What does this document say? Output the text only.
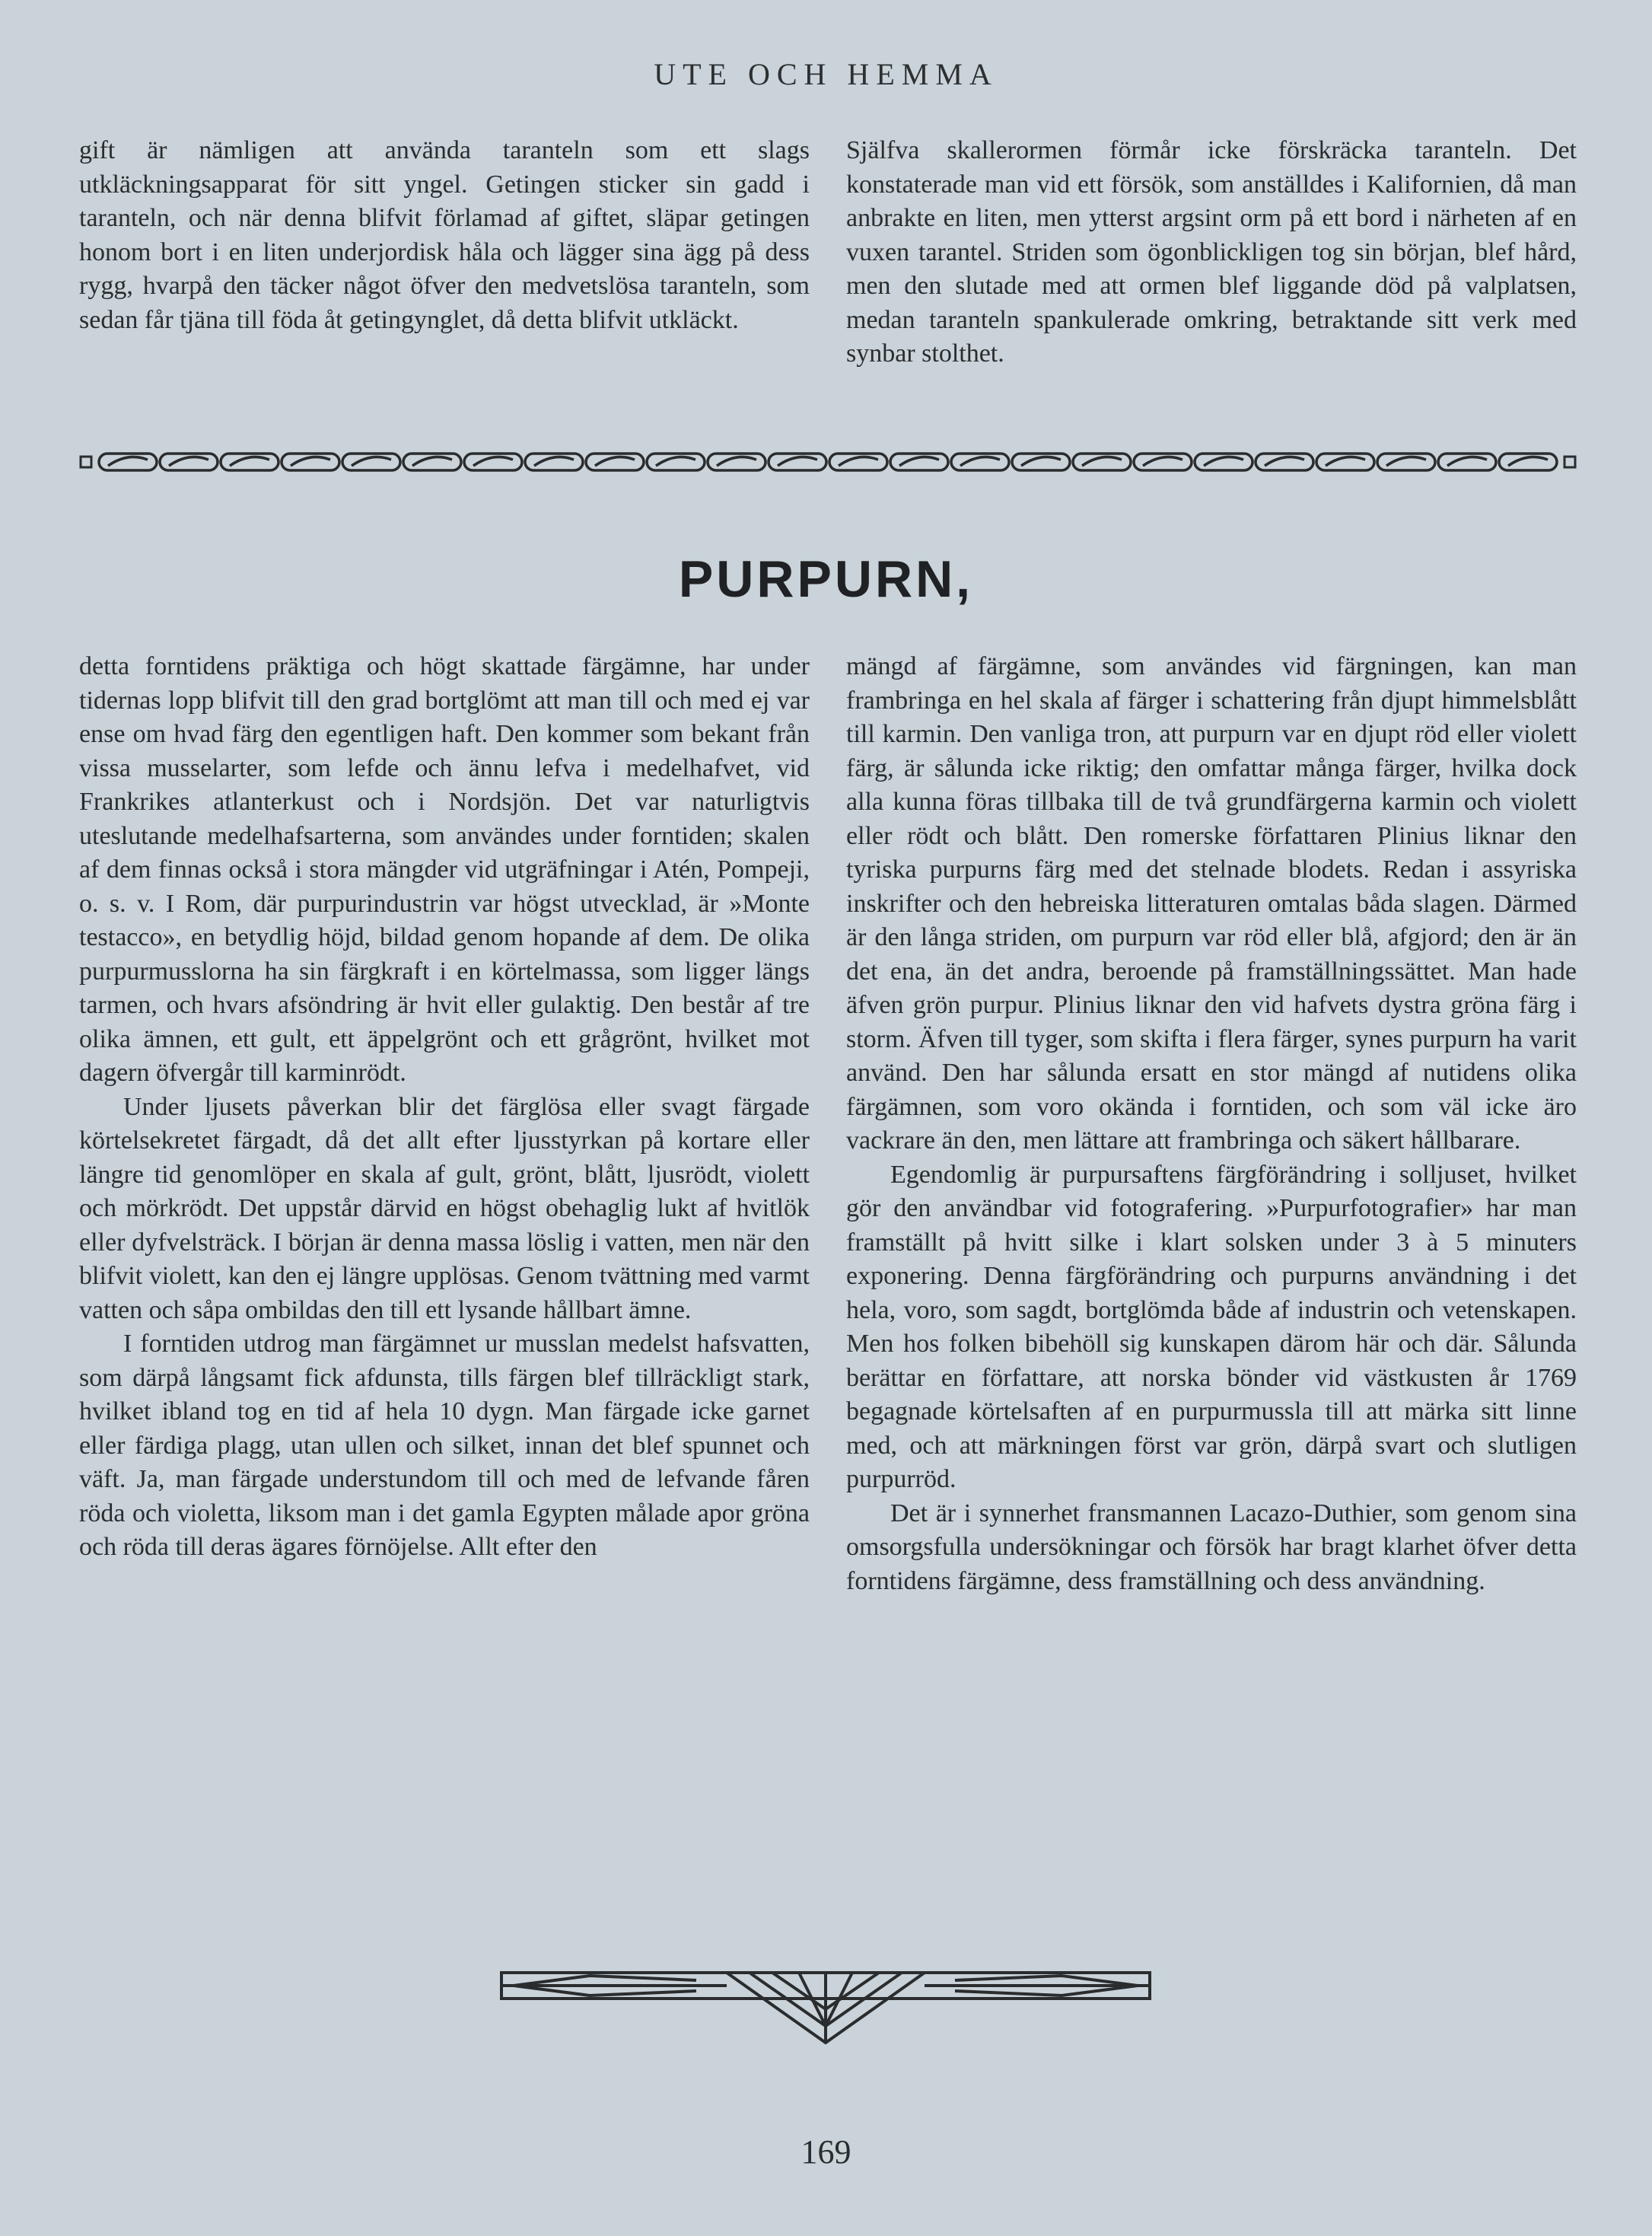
UTE OCH HEMMA

gift är nämligen att använda taranteln som ett slags utkläckningsapparat för sitt yngel. Getingen sticker sin gadd i taranteln, och när denna blifvit förlamad af giftet, släpar getingen honom bort i en liten underjordisk håla och lägger sina ägg på dess rygg, hvarpå den täcker något öfver den medvetslösa taranteln, som sedan får tjäna till föda åt getingynglet, då detta blifvit utkläckt.

Själfva skallerormen förmår icke förskräcka taranteln. Det konstaterade man vid ett försök, som anställdes i Kalifornien, då man anbrakte en liten, men ytterst argsint orm på ett bord i närheten af en vuxen tarantel. Striden som ögonblickligen tog sin början, blef hård, men den slutade med att ormen blef liggande död på valplatsen, medan taranteln spankulerade omkring, betraktande sitt verk med synbar stolthet.

PURPURN,

detta forntidens präktiga och högt skattade färgämne, har under tidernas lopp blifvit till den grad bortglömt att man till och med ej var ense om hvad färg den egentligen haft. Den kommer som bekant från vissa musselarter, som lefde och ännu lefva i medelhafvet, vid Frankrikes atlanterkust och i Nordsjön. Det var naturligtvis uteslutande medelhafsarterna, som användes under forntiden; skalen af dem finnas också i stora mängder vid utgräfningar i Atén, Pompeji, o. s. v. I Rom, där purpurindustrin var högst utvecklad, är »Monte testacco», en betydlig höjd, bildad genom hopande af dem. De olika purpurmusslorna ha sin färgkraft i en körtelmassa, som ligger längs tarmen, och hvars afsöndring är hvit eller gulaktig. Den består af tre olika ämnen, ett gult, ett äppelgrönt och ett grågrönt, hvilket mot dagern öfvergår till karminrödt.

Under ljusets påverkan blir det färglösa eller svagt färgade körtelsekretet färgadt, då det allt efter ljusstyrkan på kortare eller längre tid genomlöper en skala af gult, grönt, blått, ljusrödt, violett och mörkrödt. Det uppstår därvid en högst obehaglig lukt af hvitlök eller dyfvelsträck. I början är denna massa löslig i vatten, men när den blifvit violett, kan den ej längre upplösas. Genom tvättning med varmt vatten och såpa ombildas den till ett lysande hållbart ämne.

I forntiden utdrog man färgämnet ur musslan medelst hafsvatten, som därpå långsamt fick afdunsta, tills färgen blef tillräckligt stark, hvilket ibland tog en tid af hela 10 dygn. Man färgade icke garnet eller färdiga plagg, utan ullen och silket, innan det blef spunnet och väft. Ja, man färgade understundom till och med de lefvande fåren röda och violetta, liksom man i det gamla Egypten målade apor gröna och röda till deras ägares förnöjelse. Allt efter den

mängd af färgämne, som användes vid färgningen, kan man frambringa en hel skala af färger i schattering från djupt himmelsblått till karmin. Den vanliga tron, att purpurn var en djupt röd eller violett färg, är sålunda icke riktig; den omfattar många färger, hvilka dock alla kunna föras tillbaka till de två grundfärgerna karmin och violett eller rödt och blått. Den romerske författaren Plinius liknar den tyriska purpurns färg med det stelnade blodets. Redan i assyriska inskrifter och den hebreiska litteraturen omtalas båda slagen. Därmed är den långa striden, om purpurn var röd eller blå, afgjord; den är än det ena, än det andra, beroende på framställningssättet. Man hade äfven grön purpur. Plinius liknar den vid hafvets dystra gröna färg i storm. Äfven till tyger, som skifta i flera färger, synes purpurn ha varit använd. Den har sålunda ersatt en stor mängd af nutidens olika färgämnen, som voro okända i forntiden, och som väl icke äro vackrare än den, men lättare att frambringa och säkert hållbarare.

Egendomlig är purpursaftens färgförändring i solljuset, hvilket gör den användbar vid fotografering. »Purpurfotografier» har man framställt på hvitt silke i klart solsken under 3 à 5 minuters exponering. Denna färgförändring och purpurns användning i det hela, voro, som sagdt, bortglömda både af industrin och vetenskapen. Men hos folken bibehöll sig kunskapen därom här och där. Sålunda berättar en författare, att norska bönder vid västkusten år 1769 begagnade körtelsaften af en purpurmussla till att märka sitt linne med, och att märkningen först var grön, därpå svart och slutligen purpurröd.

Det är i synnerhet fransmannen Lacazo-Duthier, som genom sina omsorgsfulla undersökningar och försök har bragt klarhet öfver detta forntidens färgämne, dess framställning och dess användning.

169
